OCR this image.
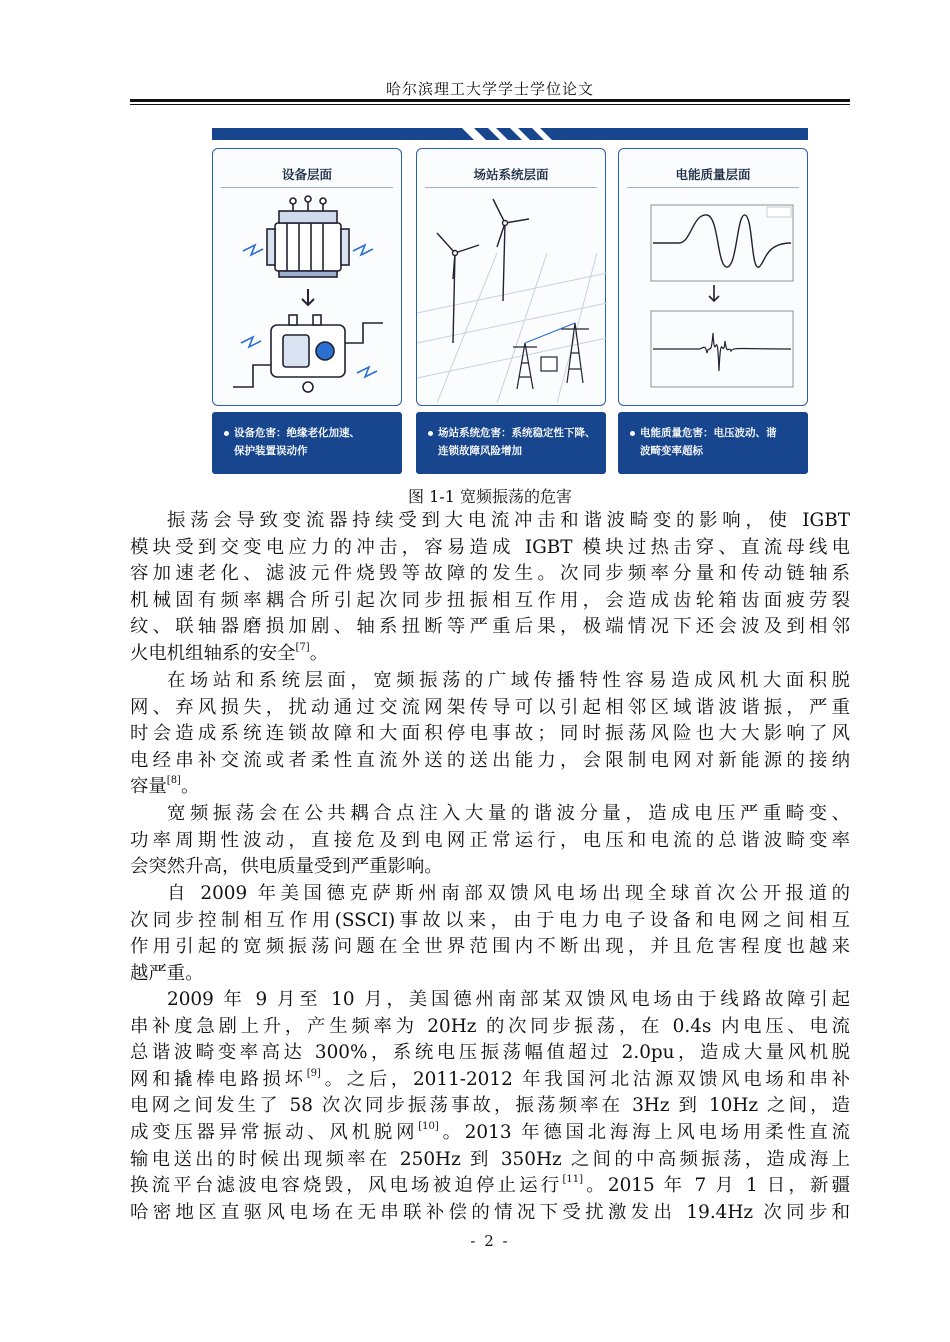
哈尔滨理工大学学士学位论文
设备层面	场站系统层面	电能质量层面
设备危害：绝缘老化加速、
保护装置误动作
场站系统危害：系统稳定性下降、
连锁故障风险增加
电能质量危害：电压波动、谐
波畸变率超标
图 1-1 宽频振荡的危害
振荡会导致变流器持续受到大电流冲击和谐波畸变的影响，使 IGBT
模块受到交变电应力的冲击，容易造成 IGBT 模块过热击穿、直流母线电
容加速老化、滤波元件烧毁等故障的发生。次同步频率分量和传动链轴系
机械固有频率耦合所引起次同步扭振相互作用，会造成齿轮箱齿面疲劳裂
纹、联轴器磨损加剧、轴系扭断等严重后果，极端情况下还会波及到相邻
火电机组轴系的安全[7]。
在场站和系统层面，宽频振荡的广域传播特性容易造成风机大面积脱
网、弃风损失，扰动通过交流网架传导可以引起相邻区域谐波谐振，严重
时会造成系统连锁故障和大面积停电事故；同时振荡风险也大大影响了风
电经串补交流或者柔性直流外送的送出能力，会限制电网对新能源的接纳
容量[8]。
宽频振荡会在公共耦合点注入大量的谐波分量，造成电压严重畸变、
功率周期性波动，直接危及到电网正常运行，电压和电流的总谐波畸变率
会突然升高，供电质量受到严重影响。
自 2009 年美国德克萨斯州南部双馈风电场出现全球首次公开报道的
次同步控制相互作用(SSCI)事故以来，由于电力电子设备和电网之间相互
作用引起的宽频振荡问题在全世界范围内不断出现，并且危害程度也越来
越严重。
2009 年 9 月至 10 月，美国德州南部某双馈风电场由于线路故障引起
串补度急剧上升，产生频率为 20Hz 的次同步振荡，在 0.4s 内电压、电流
总谐波畸变率高达 300%，系统电压振荡幅值超过 2.0pu，造成大量风机脱
网和撬棒电路损坏[9]。之后，2011-2012 年我国河北沽源双馈风电场和串补
电网之间发生了 58 次次同步振荡事故，振荡频率在 3Hz 到 10Hz 之间，造
成变压器异常振动、风机脱网[10]。2013 年德国北海海上风电场用柔性直流
输电送出的时候出现频率在 250Hz 到 350Hz 之间的中高频振荡，造成海上
换流平台滤波电容烧毁，风电场被迫停止运行[11]。2015 年 7 月 1 日，新疆
哈密地区直驱风电场在无串联补偿的情况下受扰激发出 19.4Hz 次同步和
- 2 -
